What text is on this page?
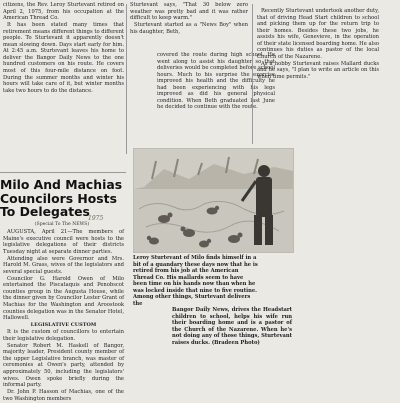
citizens, the Rev. Leroy Sturtevant retired on April 2, 1975, from his occupation at the American Thread Co.

It has been stated many times that retirement means different things to different people. To Sturtevant it apparently doesn't mean slowing down. Days start early for him. At 2:45 a.m. Sturtevant leaves his home to deliver the Bangor Daily News to the one hundred customers on his route. He covers most of this four-mile distance on foot. During the summer months and winter his hours will take care of it, but winter months take two hours to do the distance.

Milo And Machias
Councilors Hosts
To Delegates
1975
(Special To The NEWS)

AUGUSTA, April 21—The members of Maine's executive council were hosts to the legislative delegations of their districts Tuesday night at separate dinner parties.

Attending also were Governor and Mrs. Harold M. Grass, wives of the legislators and several special guests.

Councilor G. Harold Owen of Milo entertained the Piscataquis and Penobscot counties group in the Augusta House, while the dinner given by Councilor Lester Grant of Machias for the Washington and Aroostook counties delegation was in the Senator Hotel, Hallowell.

LEGISLATIVE CUSTOM

It is the custom of councillors to entertain their legislative delegation.

Senator Robert M. Haskell of Bangor, majority leader, President county member of the upper Legislative branch, was master of ceremonies at Owen's party, attended by approximately 50, including the legislators' wives. Owen spoke briefly during the informal party.

Dr. John P. Hasson of Machias, one of the two Washington members

Sturtevant says, "That 30 below zero weather was pretty bad and it was rather difficult to keep warm."

Sturtevant started as a "News Boy" when his daughter, Beth,

covered the route during high school. He went along to assist his daughter so that deliveries would be completed before school hours. Much to his surprise the exercise improved his health and the difficulty he had been experiencing with his legs improved as did his general physical condition. When Beth graduated last June he decided to continue with the route.

Recently Sturtevant undertook another duty, that of driving Head Start children to school and picking them up for the return trip to their homes. Besides these two jobs, he assists his wife, Genevieve, in the operation of their state licensed boarding home. He also continues his duties as pastor of the local Church of the Nazarene.

As a hobby Sturtevant raises Mallard ducks and he says, "I plan to write an article on this when time permits."

Leroy Sturtevant of Milo finds himself in a bit of a quandary these days now that he is retired from his job at the American Thread Co. His mallards seem to have been time on his hands now than when he was locked inside that nine to five routine. Among other things, Sturtevant delivers the

Bangor Daily News, drives the Headstart children to school, helps his wife run their boarding home and is a pastor of the Church of the Nazarene. When he's not doing any of those things, Sturtevant raises ducks. (Bradeen Photo)
